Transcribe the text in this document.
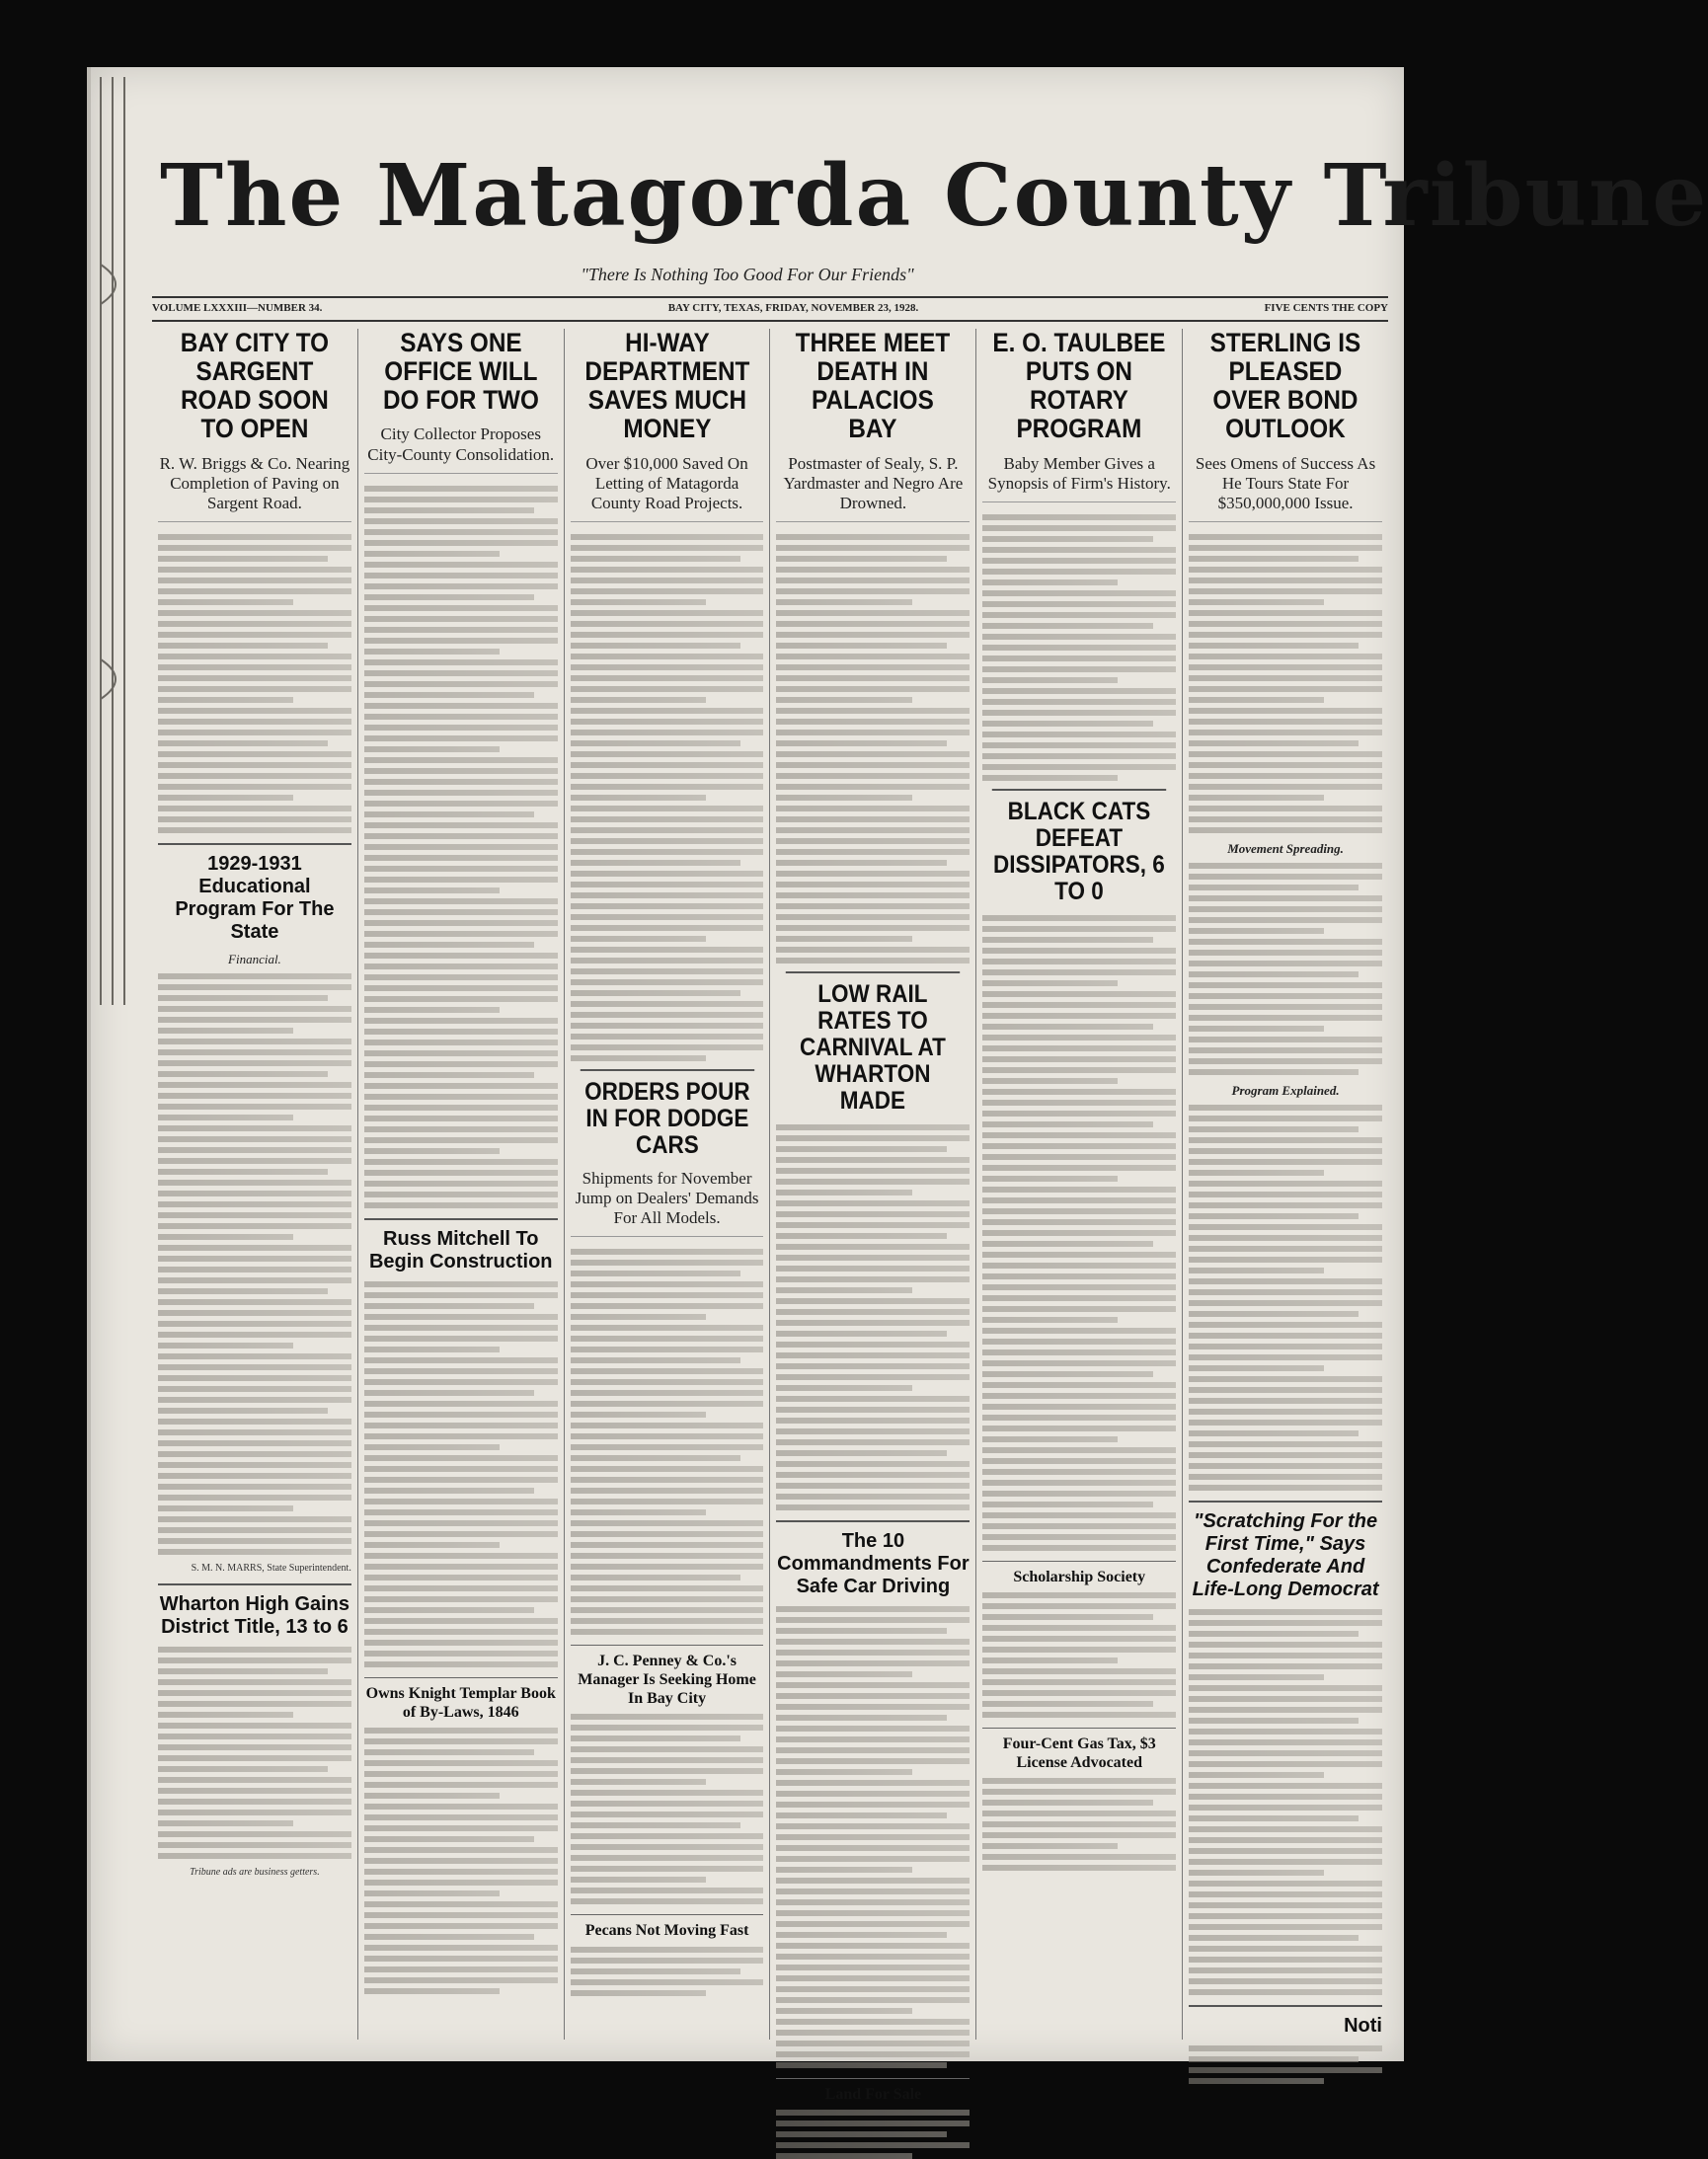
The Matagorda County Tribune
"There Is Nothing Too Good For Our Friends"
VOLUME LXXXIII—NUMBER 34.	BAY CITY, TEXAS, FRIDAY, NOVEMBER 23, 1928.	FIVE CENTS THE COPY
BAY CITY TO SARGENT ROAD SOON TO OPEN
R. W. Briggs & Co. Nearing Completion of Paving on Sargent Road.
1929-1931 Educational Program For The State
Financial.
S. M. N. MARRS, State Superintendent.
Wharton High Gains District Title, 13 to 6
Tribune ads are business getters.
SAYS ONE OFFICE WILL DO FOR TWO
City Collector Proposes City-County Consolidation.
Russ Mitchell To Begin Construction
Owns Knight Templar Book of By-Laws, 1846
HI-WAY DEPARTMENT SAVES MUCH MONEY
Over $10,000 Saved On Letting of Matagorda County Road Projects.
ORDERS POUR IN FOR DODGE CARS
Shipments for November Jump on Dealers' Demands For All Models.
J. C. Penney & Co.'s Manager Is Seeking Home In Bay City
Pecans Not Moving Fast
THREE MEET DEATH IN PALACIOS BAY
Postmaster of Sealy, S. P. Yardmaster and Negro Are Drowned.
LOW RAIL RATES TO CARNIVAL AT WHARTON MADE
The 10 Commandments For Safe Car Driving
Land For Sale
E. O. TAULBEE PUTS ON ROTARY PROGRAM
Baby Member Gives a Synopsis of Firm's History.
BLACK CATS DEFEAT DISSIPATORS, 6 TO 0
Scholarship Society
Four-Cent Gas Tax, $3 License Advocated
STERLING IS PLEASED OVER BOND OUTLOOK
Sees Omens of Success As He Tours State For $350,000,000 Issue.
Movement Spreading.
Program Explained.
"Scratching For the First Time," Says Confederate And Life-Long Democrat
Noti
